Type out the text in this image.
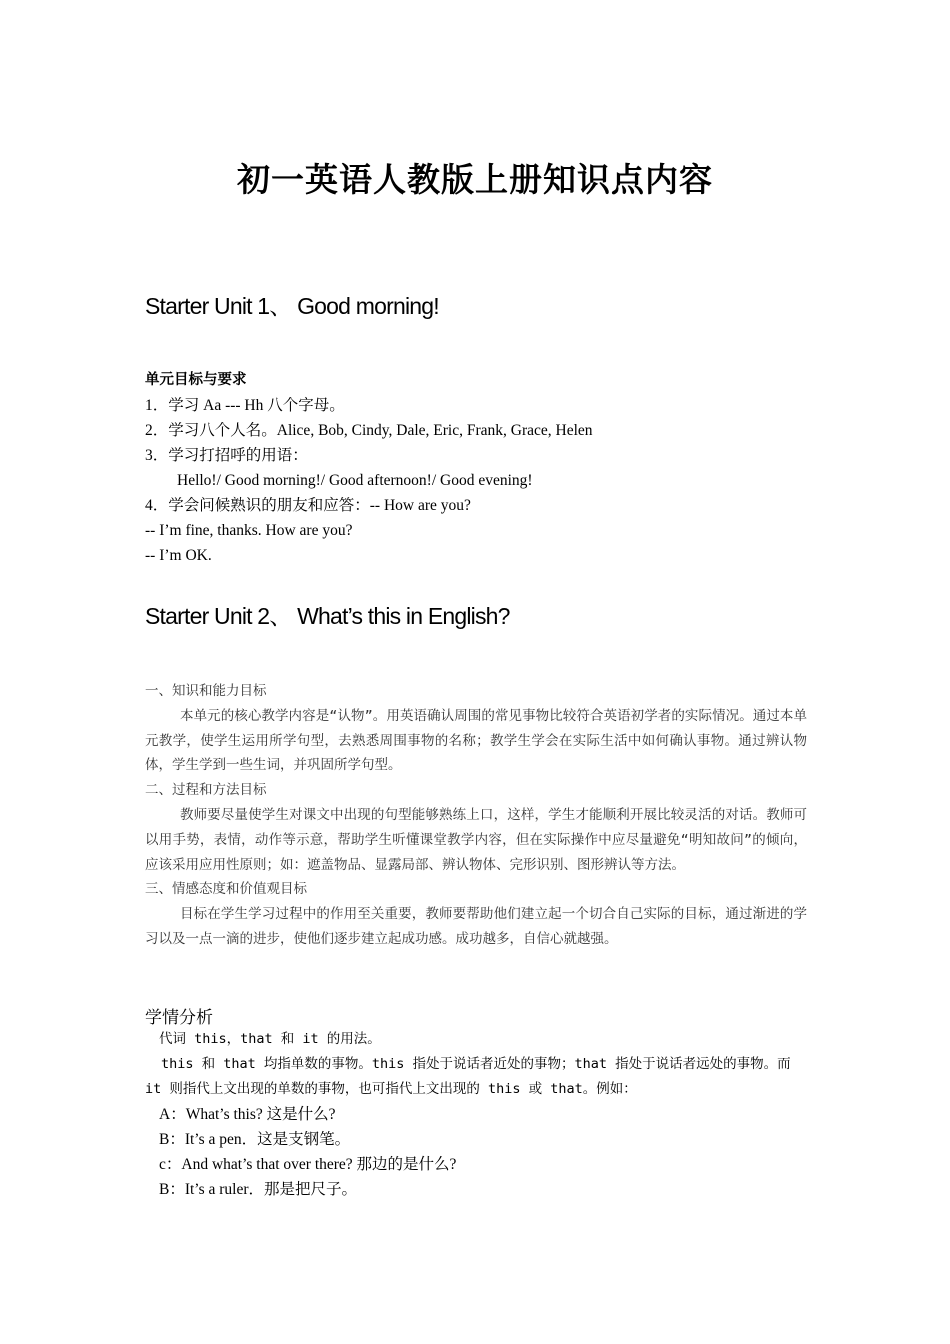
初一英语人教版上册知识点内容
Starter Unit 1、 Good morning!
单元目标与要求
1．学习 Aa --- Hh 八个字母。
2．学习八个人名。Alice, Bob, Cindy, Dale, Eric, Frank, Grace, Helen
3．学习打招呼的用语：
Hello!/ Good morning!/ Good afternoon!/ Good evening!
4．学会问候熟识的朋友和应答：-- How are you?
-- I’m fine, thanks. How are you?
-- I’m OK.
Starter Unit 2、 What’s this in English?
一、知识和能力目标
本单元的核心教学内容是“认物”。用英语确认周围的常见事物比较符合英语初学者的实际情况。通过本单元教学，使学生运用所学句型，去熟悉周围事物的名称；教学生学会在实际生活中如何确认事物。通过辨认物体，学生学到一些生词，并巩固所学句型。
二、过程和方法目标
教师要尽量使学生对课文中出现的句型能够熟练上口，这样，学生才能顺利开展比较灵活的对话。教师可以用手势，表情，动作等示意，帮助学生听懂课堂教学内容，但在实际操作中应尽量避免“明知故问”的倾向，应该采用应用性原则；如：遮盖物品、显露局部、辨认物体、完形识别、图形辨认等方法。
三、情感态度和价值观目标
目标在学生学习过程中的作用至关重要，教师要帮助他们建立起一个切合自己实际的目标，通过渐进的学习以及一点一滴的进步，使他们逐步建立起成功感。成功越多，自信心就越强。
学情分析
代词 this，that 和 it 的用法。
this 和 that 均指单数的事物。this 指处于说话者近处的事物；that 指处于说话者远处的事物。而 it 则指代上文出现的单数的事物，也可指代上文出现的 this 或 that。例如：
A：What’s this? 这是什么?
B：It’s a pen．这是支钢笔。
c：And what’s that over there? 那边的是什么?
B：It’s a ruler．那是把尺子。
